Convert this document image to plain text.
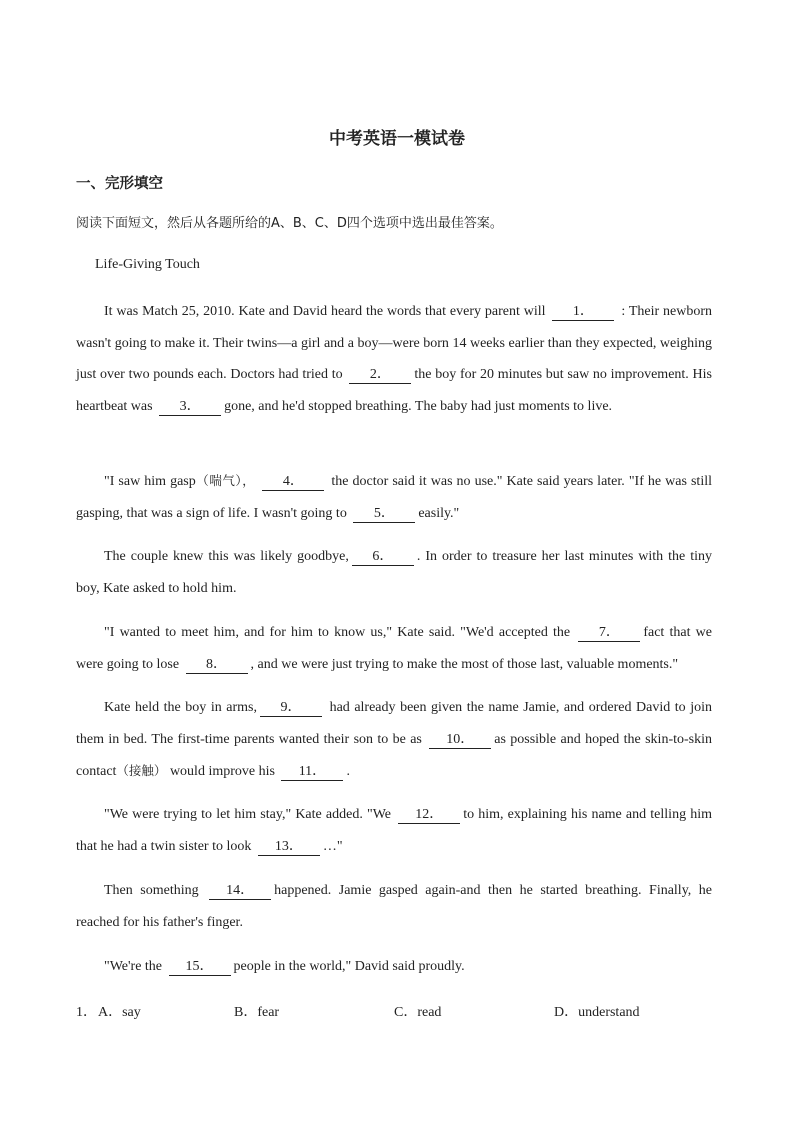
中考英语一模试卷
一、完形填空
阅读下面短文，然后从各题所给的A、B、C、D四个选项中选出最佳答案。
Life-Giving Touch

It was Match 25, 2010. Kate and David heard the words that every parent will 1． : Their newborn wasn't going to make it. Their twins—a girl and a boy—were born 14 weeks earlier than they expected, weighing just over two pounds each. Doctors had tried to 2． the boy for 20 minutes but saw no improvement. His heartbeat was 3． gone, and he'd stopped breathing. The baby had just moments to live.

"I saw him gasp（喘气）， 4． the doctor said it was no use." Kate said years later. "If he was still gasping, that was a sign of life. I wasn't going to 5． easily."

The couple knew this was likely goodbye, 6． . In order to treasure her last minutes with the tiny boy, Kate asked to hold him.

"I wanted to meet him, and for him to know us," Kate said. "We'd accepted the 7． fact that we were going to lose 8． , and we were just trying to make the most of those last, valuable moments."

Kate held the boy in arms, 9． had already been given the name Jamie, and ordered David to join them in bed. The first-time parents wanted their son to be as 10． as possible and hoped the skin-to-skin contact（接触） would improve his 11． .

"We were trying to let him stay," Kate added. "We 12． to him, explaining his name and telling him that he had a twin sister to look 13． …"

Then something 14． happened. Jamie gasped again-and then he started breathing. Finally, he reached for his father's finger.

"We're the 15． people in the world," David said proudly.

1． A．say	B．fear	C．read	D．understand
